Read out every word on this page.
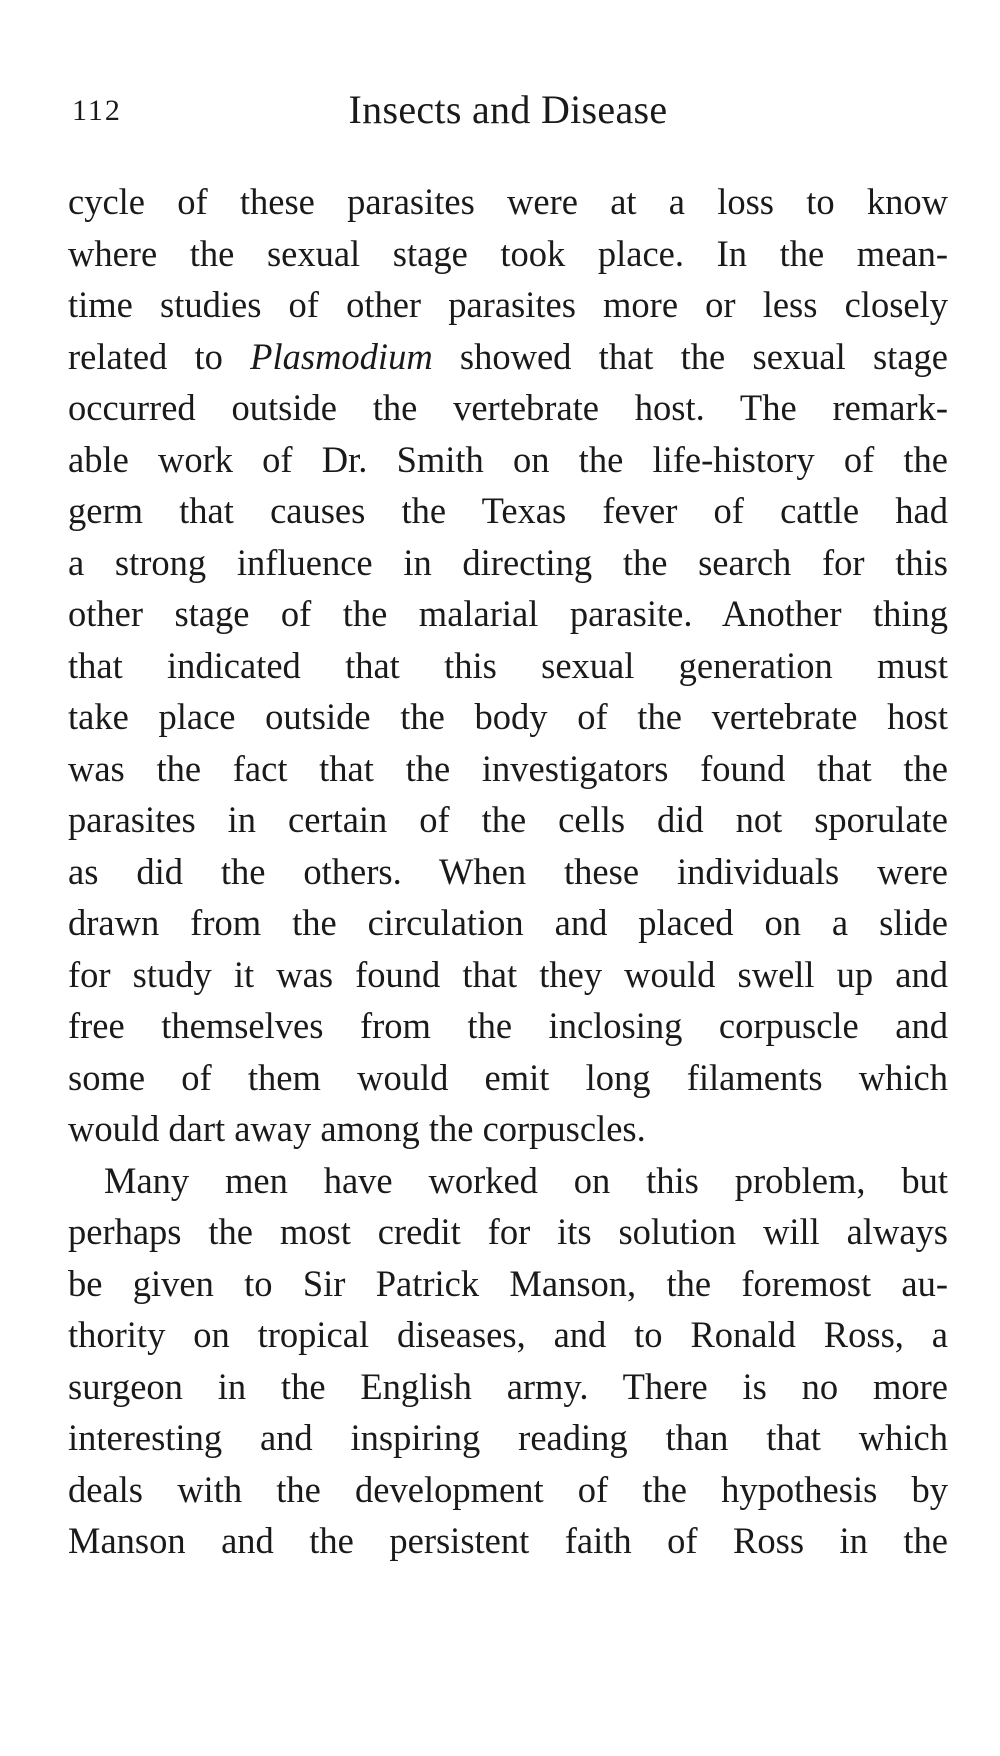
112	Insects and Disease
cycle of these parasites were at a loss to know
where the sexual stage took place. In the mean-
time studies of other parasites more or less closely
related to Plasmodium showed that the sexual stage
occurred outside the vertebrate host. The remark-
able work of Dr. Smith on the life-history of the
germ that causes the Texas fever of cattle had
a strong influence in directing the search for this
other stage of the malarial parasite. Another thing
that indicated that this sexual generation must
take place outside the body of the vertebrate host
was the fact that the investigators found that the
parasites in certain of the cells did not sporulate
as did the others. When these individuals were
drawn from the circulation and placed on a slide
for study it was found that they would swell up and
free themselves from the inclosing corpuscle and
some of them would emit long filaments which
would dart away among the corpuscles.
Many men have worked on this problem, but
perhaps the most credit for its solution will always
be given to Sir Patrick Manson, the foremost au-
thority on tropical diseases, and to Ronald Ross, a
surgeon in the English army. There is no more
interesting and inspiring reading than that which
deals with the development of the hypothesis by
Manson and the persistent faith of Ross in the
